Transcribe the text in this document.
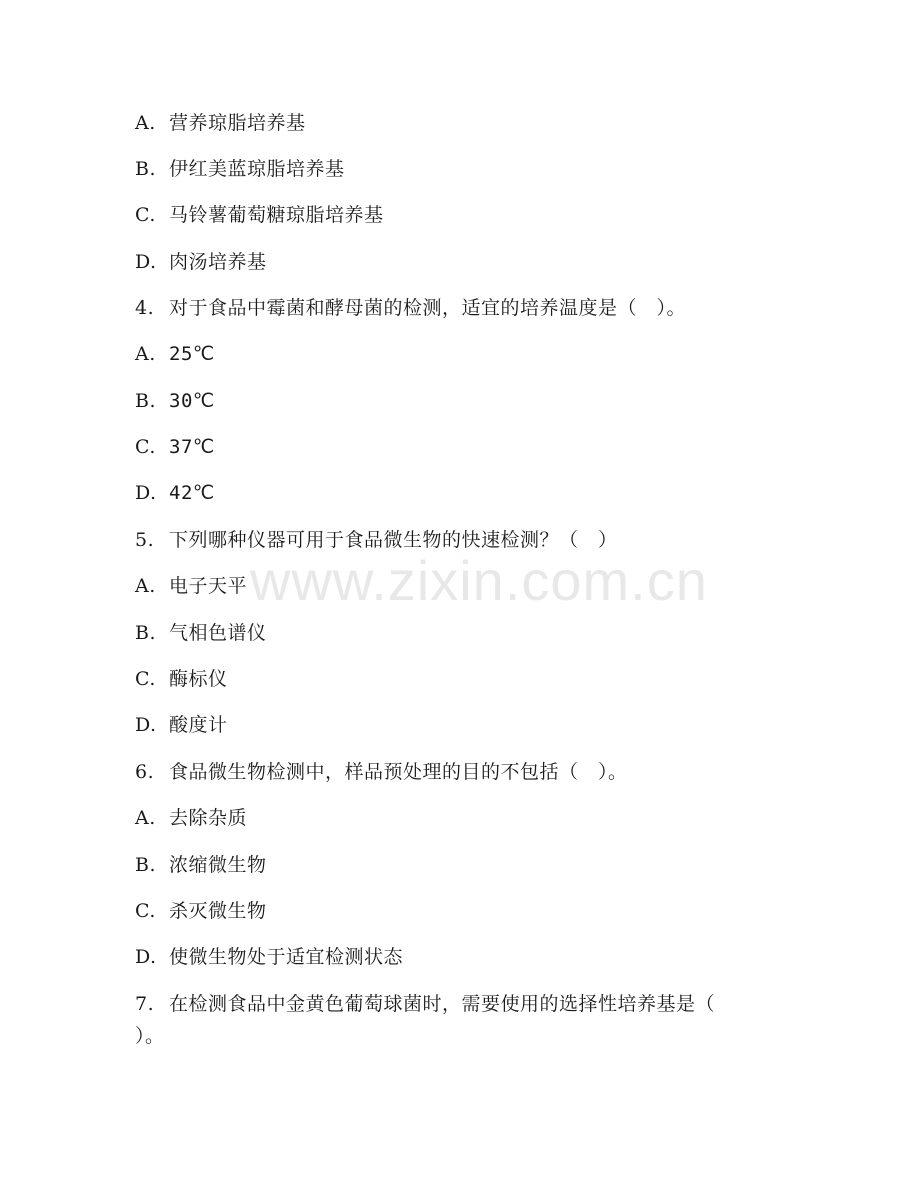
A. 营养琼脂培养基
B. 伊红美蓝琼脂培养基
C. 马铃薯葡萄糖琼脂培养基
D. 肉汤培养基
4. 对于食品中霉菌和酵母菌的检测，适宜的培养温度是（　）。
A. 25℃
B. 30℃
C. 37℃
D. 42℃
5. 下列哪种仪器可用于食品微生物的快速检测？（　）
A. 电子天平
B. 气相色谱仪
C. 酶标仪
D. 酸度计
6. 食品微生物检测中，样品预处理的目的不包括（　）。
A. 去除杂质
B. 浓缩微生物
C. 杀灭微生物
D. 使微生物处于适宜检测状态
7. 在检测食品中金黄色葡萄球菌时，需要使用的选择性培养基是（
）。
www.zixin.com.cn
